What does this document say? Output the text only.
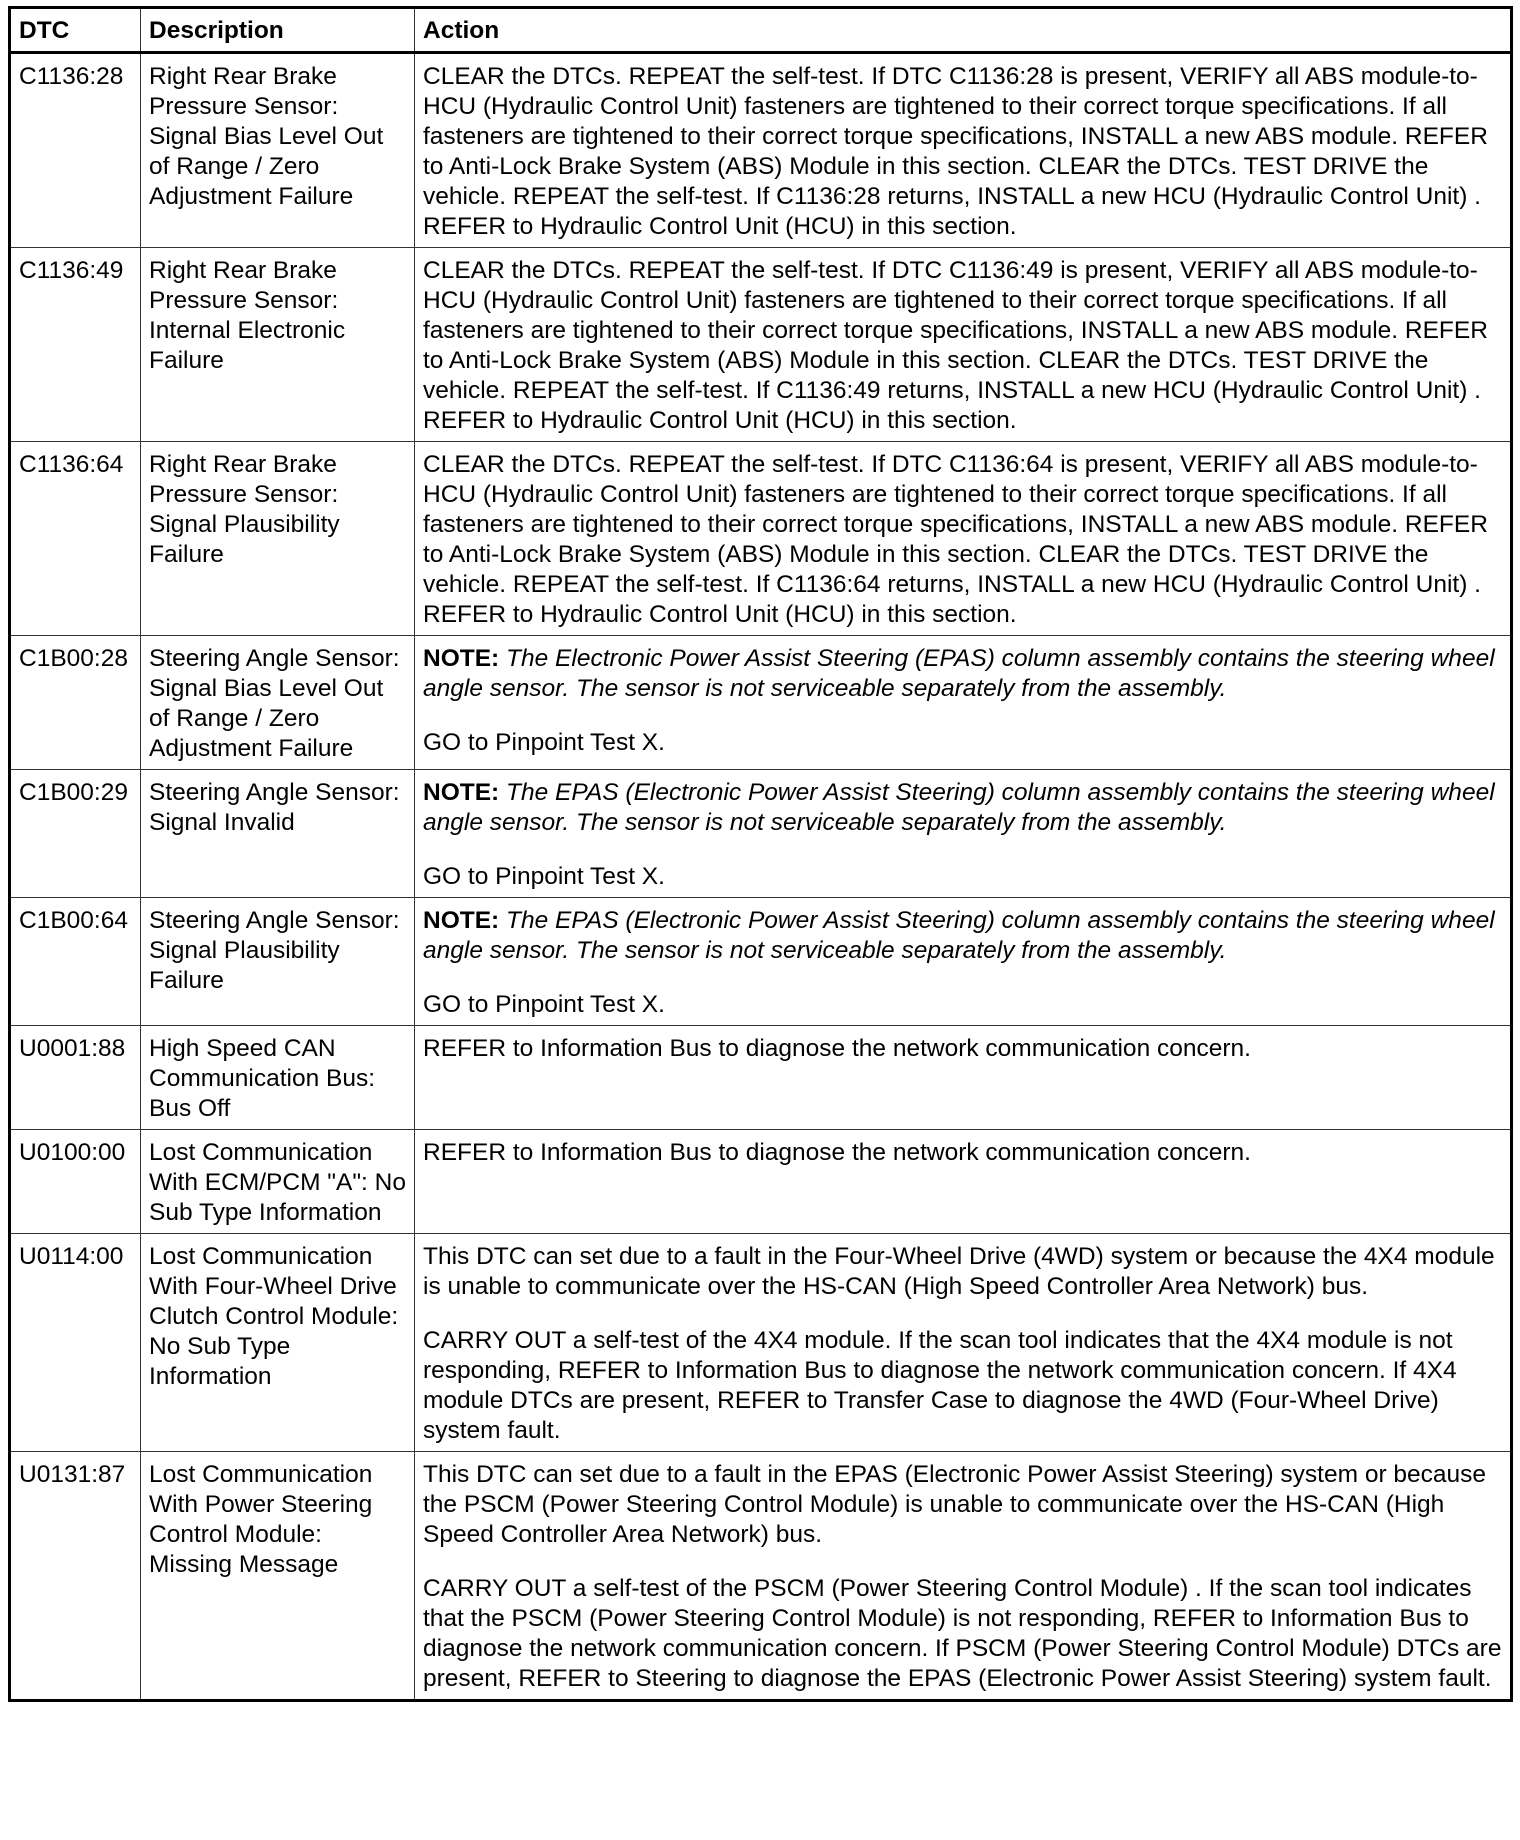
DTC	Description	Action
C1136:28	Right Rear Brake Pressure Sensor: Signal Bias Level Out of Range / Zero Adjustment Failure	CLEAR the DTCs. REPEAT the self-test. If DTC C1136:28 is present, VERIFY all ABS module-to-HCU (Hydraulic Control Unit) fasteners are tightened to their correct torque specifications. If all fasteners are tightened to their correct torque specifications, INSTALL a new ABS module. REFER to Anti-Lock Brake System (ABS) Module in this section. CLEAR the DTCs. TEST DRIVE the vehicle. REPEAT the self-test. If C1136:28 returns, INSTALL a new HCU (Hydraulic Control Unit) . REFER to Hydraulic Control Unit (HCU) in this section.

C1136:49	Right Rear Brake Pressure Sensor: Internal Electronic Failure	CLEAR the DTCs. REPEAT the self-test. If DTC C1136:49 is present, VERIFY all ABS module-to-HCU (Hydraulic Control Unit) fasteners are tightened to their correct torque specifications. If all fasteners are tightened to their correct torque specifications, INSTALL a new ABS module. REFER to Anti-Lock Brake System (ABS) Module in this section. CLEAR the DTCs. TEST DRIVE the vehicle. REPEAT the self-test. If C1136:49 returns, INSTALL a new HCU (Hydraulic Control Unit) . REFER to Hydraulic Control Unit (HCU) in this section.

C1136:64	Right Rear Brake Pressure Sensor: Signal Plausibility Failure	CLEAR the DTCs. REPEAT the self-test. If DTC C1136:64 is present, VERIFY all ABS module-to-HCU (Hydraulic Control Unit) fasteners are tightened to their correct torque specifications. If all fasteners are tightened to their correct torque specifications, INSTALL a new ABS module. REFER to Anti-Lock Brake System (ABS) Module in this section. CLEAR the DTCs. TEST DRIVE the vehicle. REPEAT the self-test. If C1136:64 returns, INSTALL a new HCU (Hydraulic Control Unit) . REFER to Hydraulic Control Unit (HCU) in this section.

C1B00:28	Steering Angle Sensor: Signal Bias Level Out of Range / Zero Adjustment Failure	NOTE: The Electronic Power Assist Steering (EPAS) column assembly contains the steering wheel angle sensor. The sensor is not serviceable separately from the assembly.

GO to Pinpoint Test X.

C1B00:29	Steering Angle Sensor: Signal Invalid	NOTE: The EPAS (Electronic Power Assist Steering) column assembly contains the steering wheel angle sensor. The sensor is not serviceable separately from the assembly.

GO to Pinpoint Test X.

C1B00:64	Steering Angle Sensor: Signal Plausibility Failure	NOTE: The EPAS (Electronic Power Assist Steering) column assembly contains the steering wheel angle sensor. The sensor is not serviceable separately from the assembly.

GO to Pinpoint Test X.

U0001:88	High Speed CAN Communication Bus: Bus Off	REFER to Information Bus to diagnose the network communication concern.

U0100:00	Lost Communication With ECM/PCM "A": No Sub Type Information	REFER to Information Bus to diagnose the network communication concern.

U0114:00	Lost Communication With Four-Wheel Drive Clutch Control Module: No Sub Type Information	This DTC can set due to a fault in the Four-Wheel Drive (4WD) system or because the 4X4 module is unable to communicate over the HS-CAN (High Speed Controller Area Network) bus.

CARRY OUT a self-test of the 4X4 module. If the scan tool indicates that the 4X4 module is not responding, REFER to Information Bus to diagnose the network communication concern. If 4X4 module DTCs are present, REFER to Transfer Case to diagnose the 4WD (Four-Wheel Drive) system fault.

U0131:87	Lost Communication With Power Steering Control Module: Missing Message	This DTC can set due to a fault in the EPAS (Electronic Power Assist Steering) system or because the PSCM (Power Steering Control Module) is unable to communicate over the HS-CAN (High Speed Controller Area Network) bus.

CARRY OUT a self-test of the PSCM (Power Steering Control Module) . If the scan tool indicates that the PSCM (Power Steering Control Module) is not responding, REFER to Information Bus to diagnose the network communication concern. If PSCM (Power Steering Control Module) DTCs are present, REFER to Steering to diagnose the EPAS (Electronic Power Assist Steering) system fault.
